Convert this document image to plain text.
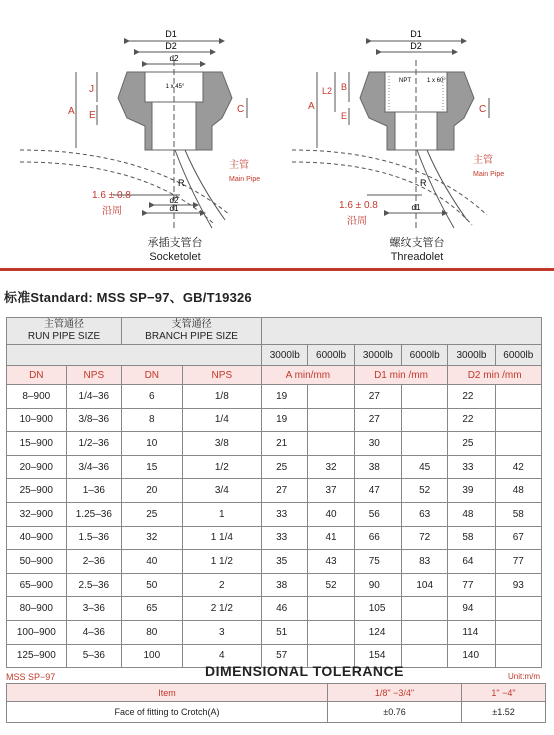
D1
D2
d2
1 x 45°
A
J
E
C
R
1.6 ± 0.8	d2
d1
主管
Main Pipe
沿周
D1
D2
NPT	1 x 60°
A
L2 B
E
C
R
1.6 ± 0.8	d1
主管
Main Pipe
沿周
承插支管台
Socketolet
螺纹支管台
Threadolet
标准Standard: MSS SP−97、GB/T19326
主管通径
RUN PIPE SIZE		支管通径
BRANCH PIPE SIZE							
				3000lb	6000lb	3000lb	6000lb	3000lb	6000lb
DN	NPS	DN	NPS	A min/mm		D1 min /mm		D2 min /mm	
8–900	1/4–36	6	1/8	19		27		22	
10–900	3/8–36	8	1/4	19		27		22	
15–900	1/2–36	10	3/8	21		30		25	
20–900	3/4–36	15	1/2	25	32	38	45	33	42
25–900	1–36	20	3/4	27	37	47	52	39	48
32–900	1.25–36	25	1	33	40	56	63	48	58
40–900	1.5–36	32	1 1/4	33	41	66	72	58	67
50–900	2–36	40	1 1/2	35	43	75	83	64	77
65–900	2.5–36	50	2	38	52	90	104	77	93
80–900	3–36	65	2 1/2	46		105		94	
100–900	4–36	80	3	51		124		114	
125–900	5–36	100	4	57		154		140	
MSS SP−97	DIMENSIONAL TOLERANCE	Unit:m/m
Item	1/8" −3/4"	1" −4"
Face of fitting to Crotch(A)	±0.76	±1.52
